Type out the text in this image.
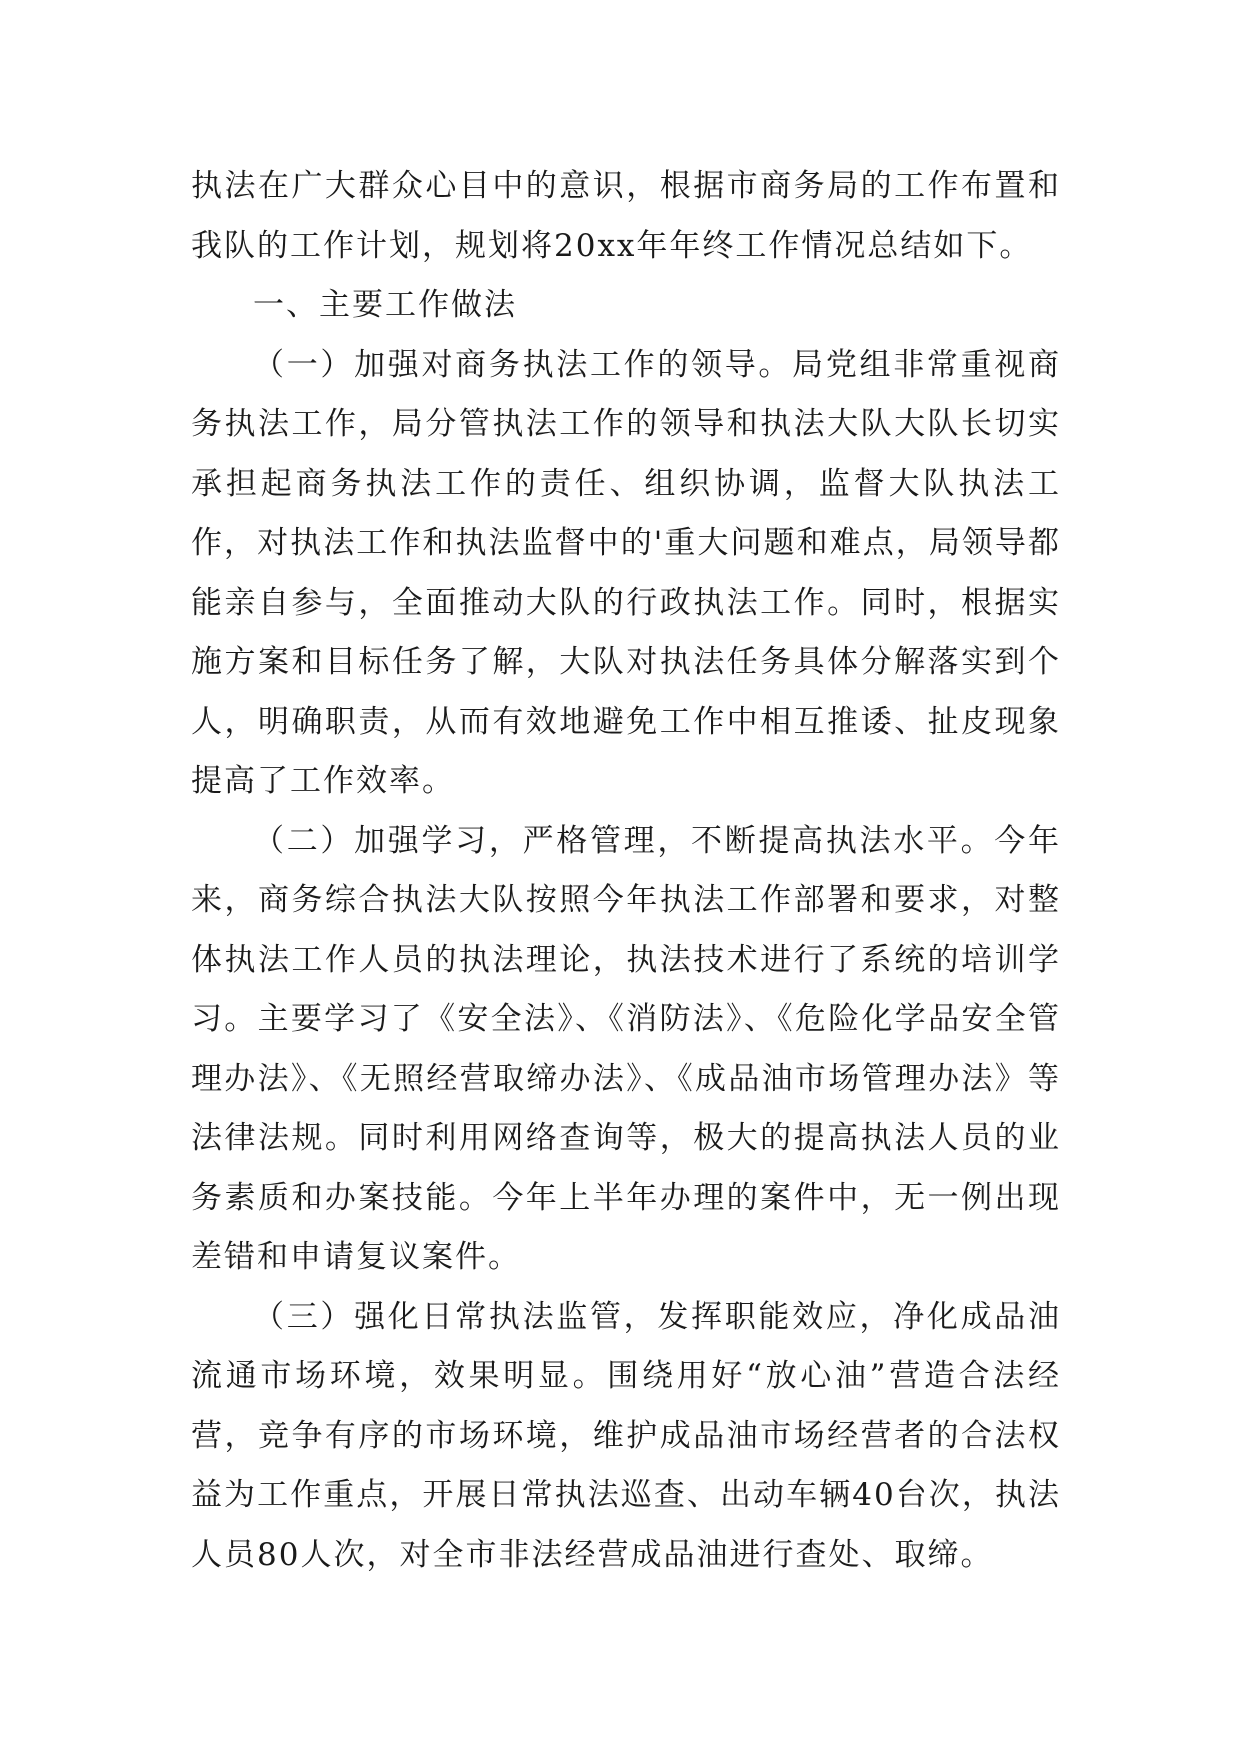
执法在广大群众心目中的意识，根据市商务局的工作布置和我队的工作计划，规划将20xx年年终工作情况总结如下。

一、主要工作做法

（一）加强对商务执法工作的领导。局党组非常重视商务执法工作，局分管执法工作的领导和执法大队大队长切实承担起商务执法工作的责任、组织协调，监督大队执法工作，对执法工作和执法监督中的'重大问题和难点，局领导都能亲自参与，全面推动大队的行政执法工作。同时，根据实施方案和目标任务了解，大队对执法任务具体分解落实到个人，明确职责，从而有效地避免工作中相互推诿、扯皮现象提高了工作效率。

（二）加强学习，严格管理，不断提高执法水平。今年来，商务综合执法大队按照今年执法工作部署和要求，对整体执法工作人员的执法理论，执法技术进行了系统的培训学习。主要学习了《安全法》、《消防法》、《危险化学品安全管理办法》、《无照经营取缔办法》、《成品油市场管理办法》等法律法规。同时利用网络查询等，极大的提高执法人员的业务素质和办案技能。今年上半年办理的案件中，无一例出现差错和申请复议案件。

（三）强化日常执法监管，发挥职能效应，净化成品油流通市场环境，效果明显。围绕用好“放心油”营造合法经营，竞争有序的市场环境，维护成品油市场经营者的合法权益为工作重点，开展日常执法巡查、出动车辆40台次，执法人员80人次，对全市非法经营成品油进行查处、取缔。
